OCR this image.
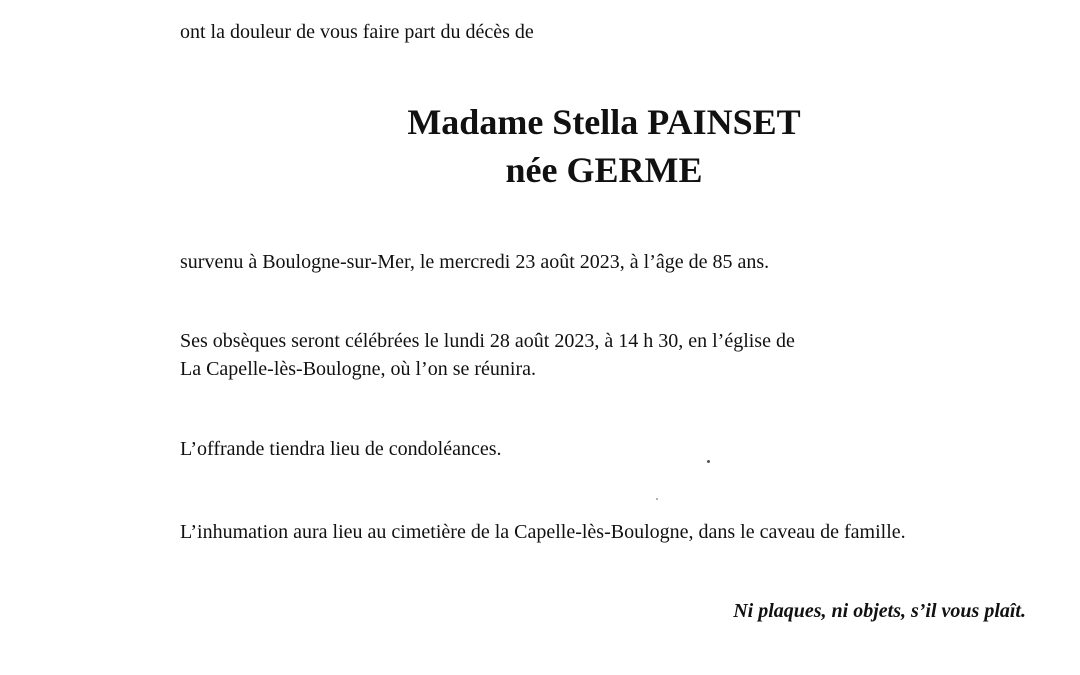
ont la douleur de vous faire part du décès de
Madame Stella PAINSET
née GERME
survenu à Boulogne-sur-Mer, le mercredi 23 août 2023, à l’âge de 85 ans.
Ses obsèques seront célébrées le lundi 28 août 2023, à 14 h 30, en l’église de
La Capelle-lès-Boulogne, où l’on se réunira.
L’offrande tiendra lieu de condoléances.
L’inhumation aura lieu au cimetière de la Capelle-lès-Boulogne, dans le caveau de famille.
Ni plaques, ni objets, s’il vous plaît.
